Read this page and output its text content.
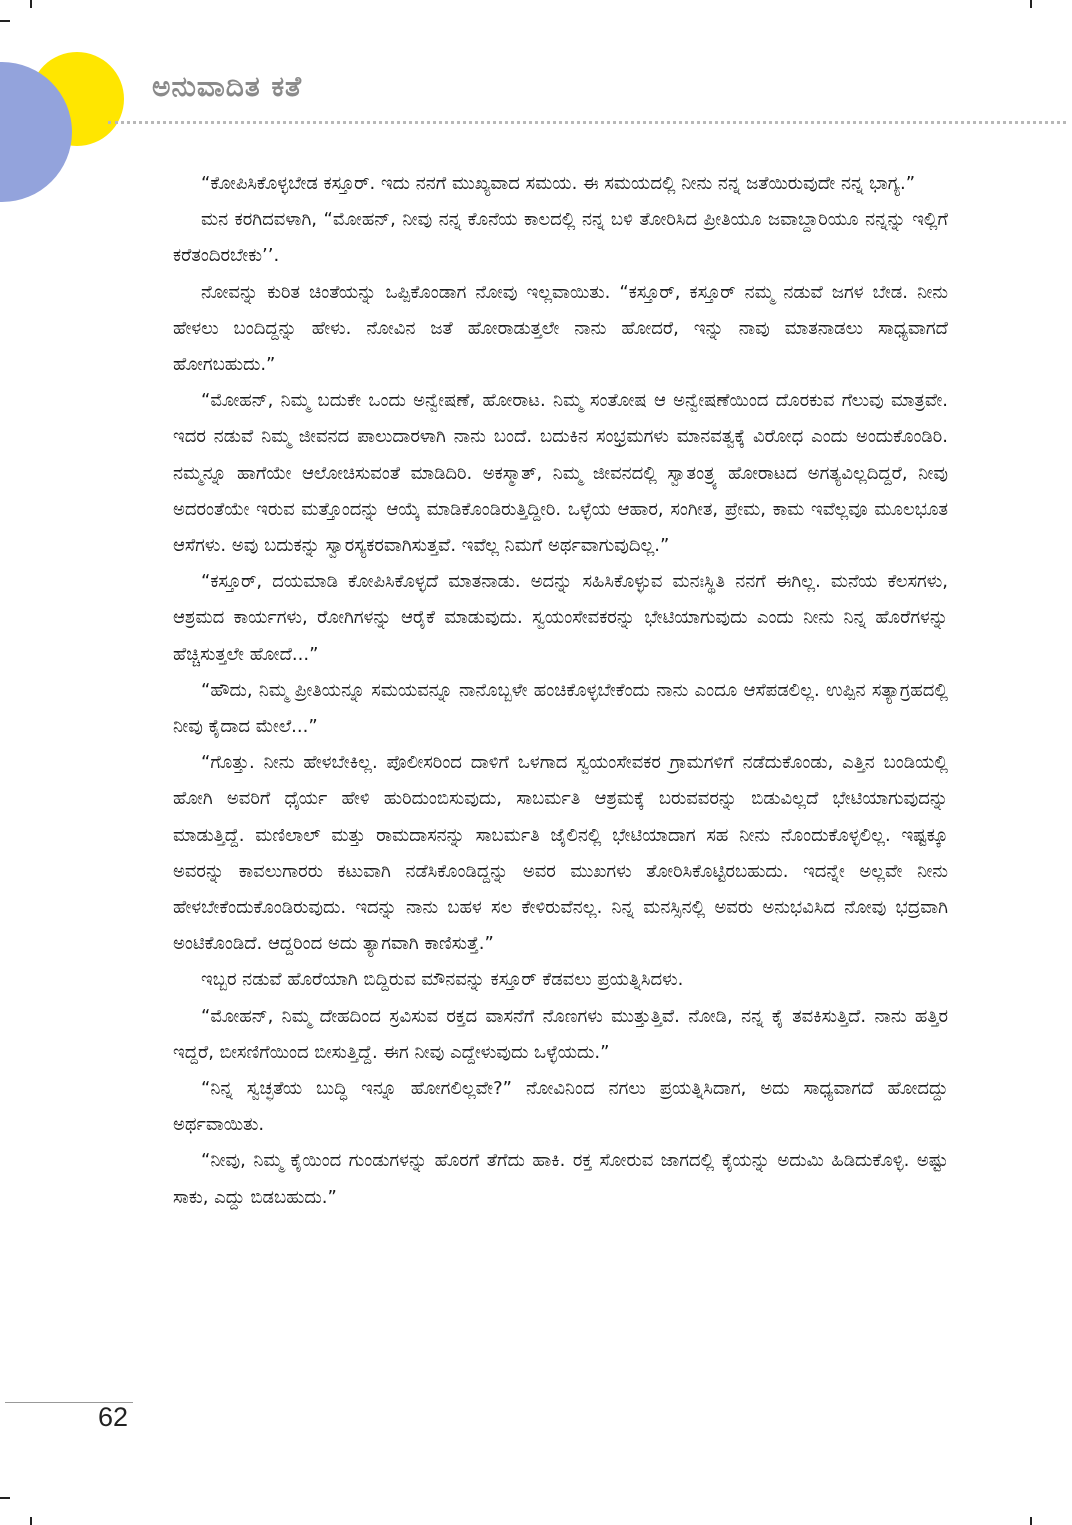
ಅನುವಾದಿತ ಕತೆ

“ಕೋಪಿಸಿಕೊಳ್ಳಬೇಡ ಕಸ್ತೂರ್. ಇದು ನನಗೆ ಮುಖ್ಯವಾದ ಸಮಯ. ಈ ಸಮಯದಲ್ಲಿ ನೀನು ನನ್ನ ಜತೆಯಿರುವುದೇ ನನ್ನ ಭಾಗ್ಯ.”

ಮನ ಕರಗಿದವಳಾಗಿ, “ಮೋಹನ್, ನೀವು ನನ್ನ ಕೊನೆಯ ಕಾಲದಲ್ಲಿ ನನ್ನ ಬಳಿ ತೋರಿಸಿದ ಪ್ರೀತಿಯೂ ಜವಾಬ್ದಾರಿಯೂ ನನ್ನನ್ನು ಇಲ್ಲಿಗೆ ಕರೆತಂದಿರಬೇಕು’’.

ನೋವನ್ನು ಕುರಿತ ಚಿಂತೆಯನ್ನು ಒಪ್ಪಿಕೊಂಡಾಗ ನೋವು ಇಲ್ಲವಾಯಿತು. “ಕಸ್ತೂರ್, ಕಸ್ತೂರ್ ನಮ್ಮ ನಡುವೆ ಜಗಳ ಬೇಡ. ನೀನು ಹೇಳಲು ಬಂದಿದ್ದನ್ನು ಹೇಳು. ನೋವಿನ ಜತೆ ಹೋರಾಡುತ್ತಲೇ ನಾನು ಹೋದರೆ, ಇನ್ನು ನಾವು ಮಾತನಾಡಲು ಸಾಧ್ಯವಾಗದೆ ಹೋಗಬಹುದು.”

“ಮೋಹನ್, ನಿಮ್ಮ ಬದುಕೇ ಒಂದು ಅನ್ವೇಷಣೆ, ಹೋರಾಟ. ನಿಮ್ಮ ಸಂತೋಷ ಆ ಅನ್ವೇಷಣೆಯಿಂದ ದೊರಕುವ ಗೆಲುವು ಮಾತ್ರವೇ. ಇದರ ನಡುವೆ ನಿಮ್ಮ ಜೀವನದ ಪಾಲುದಾರಳಾಗಿ ನಾನು ಬಂದೆ. ಬದುಕಿನ ಸಂಭ್ರಮಗಳು ಮಾನವತ್ವಕ್ಕೆ ವಿರೋಧ ಎಂದು ಅಂದುಕೊಂಡಿರಿ. ನಮ್ಮನ್ನೂ ಹಾಗೆಯೇ ಆಲೋಚಿಸುವಂತೆ ಮಾಡಿದಿರಿ. ಅಕಸ್ಮಾತ್, ನಿಮ್ಮ ಜೀವನದಲ್ಲಿ ಸ್ವಾತಂತ್ರ್ಯ ಹೋರಾಟದ ಅಗತ್ಯವಿಲ್ಲದಿದ್ದರೆ, ನೀವು ಅದರಂತೆಯೇ ಇರುವ ಮತ್ತೊಂದನ್ನು ಆಯ್ಕೆ ಮಾಡಿಕೊಂಡಿರುತ್ತಿದ್ದೀರಿ. ಒಳ್ಳೆಯ ಆಹಾರ, ಸಂಗೀತ, ಪ್ರೇಮ, ಕಾಮ ಇವೆಲ್ಲವೂ ಮೂಲಭೂತ ಆಸೆಗಳು. ಅವು ಬದುಕನ್ನು ಸ್ವಾರಸ್ಯಕರವಾಗಿಸುತ್ತವೆ. ಇವೆಲ್ಲ ನಿಮಗೆ ಅರ್ಥವಾಗುವುದಿಲ್ಲ.”

“ಕಸ್ತೂರ್, ದಯಮಾಡಿ ಕೋಪಿಸಿಕೊಳ್ಳದೆ ಮಾತನಾಡು. ಅದನ್ನು ಸಹಿಸಿಕೊಳ್ಳುವ ಮನಃಸ್ಥಿತಿ ನನಗೆ ಈಗಿಲ್ಲ. ಮನೆಯ ಕೆಲಸಗಳು, ಆಶ್ರಮದ ಕಾರ್ಯಗಳು, ರೋಗಿಗಳನ್ನು ಆರೈಕೆ ಮಾಡುವುದು. ಸ್ವಯಂಸೇವಕರನ್ನು ಭೇಟಿಯಾಗುವುದು ಎಂದು ನೀನು ನಿನ್ನ ಹೊರೆಗಳನ್ನು ಹೆಚ್ಚಿಸುತ್ತಲೇ ಹೋದೆ...”

“ಹೌದು, ನಿಮ್ಮ ಪ್ರೀತಿಯನ್ನೂ ಸಮಯವನ್ನೂ ನಾನೊಬ್ಬಳೇ ಹಂಚಿಕೊಳ್ಳಬೇಕೆಂದು ನಾನು ಎಂದೂ ಆಸೆಪಡಲಿಲ್ಲ. ಉಪ್ಪಿನ ಸತ್ಯಾಗ್ರಹದಲ್ಲಿ ನೀವು ಕೈದಾದ ಮೇಲೆ...”

“ಗೊತ್ತು. ನೀನು ಹೇಳಬೇಕಿಲ್ಲ. ಪೊಲೀಸರಿಂದ ದಾಳಿಗೆ ಒಳಗಾದ ಸ್ವಯಂಸೇವಕರ ಗ್ರಾಮಗಳಿಗೆ ನಡೆದುಕೊಂಡು, ಎತ್ತಿನ ಬಂಡಿಯಲ್ಲಿ ಹೋಗಿ ಅವರಿಗೆ ಧೈರ್ಯ ಹೇಳಿ ಹುರಿದುಂಬಿಸುವುದು, ಸಾಬರ್ಮತಿ ಆಶ್ರಮಕ್ಕೆ ಬರುವವರನ್ನು ಬಿಡುವಿಲ್ಲದೆ ಭೇಟಿಯಾಗುವುದನ್ನು ಮಾಡುತ್ತಿದ್ದೆ. ಮಣಿಲಾಲ್ ಮತ್ತು ರಾಮದಾಸನನ್ನು ಸಾಬರ್ಮತಿ ಜೈಲಿನಲ್ಲಿ ಭೇಟಿಯಾದಾಗ ಸಹ ನೀನು ನೊಂದುಕೊಳ್ಳಲಿಲ್ಲ. ಇಷ್ಟಕ್ಕೂ ಅವರನ್ನು ಕಾವಲುಗಾರರು ಕಟುವಾಗಿ ನಡೆಸಿಕೊಂಡಿದ್ದನ್ನು ಅವರ ಮುಖಗಳು ತೋರಿಸಿಕೊಟ್ಟಿರಬಹುದು. ಇದನ್ನೇ ಅಲ್ಲವೇ ನೀನು ಹೇಳಬೇಕೆಂದುಕೊಂಡಿರುವುದು. ಇದನ್ನು ನಾನು ಬಹಳ ಸಲ ಕೇಳಿರುವೆನಲ್ಲ. ನಿನ್ನ ಮನಸ್ಸಿನಲ್ಲಿ ಅವರು ಅನುಭವಿಸಿದ ನೋವು ಭದ್ರವಾಗಿ ಅಂಟಿಕೊಂಡಿದೆ. ಆದ್ದರಿಂದ ಅದು ತ್ಯಾಗವಾಗಿ ಕಾಣಿಸುತ್ತೆ.”

ಇಬ್ಬರ ನಡುವೆ ಹೊರೆಯಾಗಿ ಬಿದ್ದಿರುವ ಮೌನವನ್ನು ಕಸ್ತೂರ್ ಕೆಡವಲು ಪ್ರಯತ್ನಿಸಿದಳು.

“ಮೋಹನ್, ನಿಮ್ಮ ದೇಹದಿಂದ ಸ್ರವಿಸುವ ರಕ್ತದ ವಾಸನೆಗೆ ನೊಣಗಳು ಮುತ್ತುತ್ತಿವೆ. ನೋಡಿ, ನನ್ನ ಕೈ ತವಕಿಸುತ್ತಿದೆ. ನಾನು ಹತ್ತಿರ ಇದ್ದರೆ, ಬೀಸಣಿಗೆಯಿಂದ ಬೀಸುತ್ತಿದ್ದೆ. ಈಗ ನೀವು ಎದ್ದೇಳುವುದು ಒಳ್ಳೆಯದು.”

“ನಿನ್ನ ಸ್ವಚ್ಛತೆಯ ಬುದ್ಧಿ ಇನ್ನೂ ಹೋಗಲಿಲ್ಲವೇ?” ನೋವಿನಿಂದ ನಗಲು ಪ್ರಯತ್ನಿಸಿದಾಗ, ಅದು ಸಾಧ್ಯವಾಗದೆ ಹೋದದ್ದು ಅರ್ಥವಾಯಿತು.

“ನೀವು, ನಿಮ್ಮ ಕೈಯಿಂದ ಗುಂಡುಗಳನ್ನು ಹೊರಗೆ ತೆಗೆದು ಹಾಕಿ. ರಕ್ತ ಸೋರುವ ಜಾಗದಲ್ಲಿ ಕೈಯನ್ನು ಅದುಮಿ ಹಿಡಿದುಕೊಳ್ಳಿ. ಅಷ್ಟು ಸಾಕು, ಎದ್ದು ಬಿಡಬಹುದು.”

62
